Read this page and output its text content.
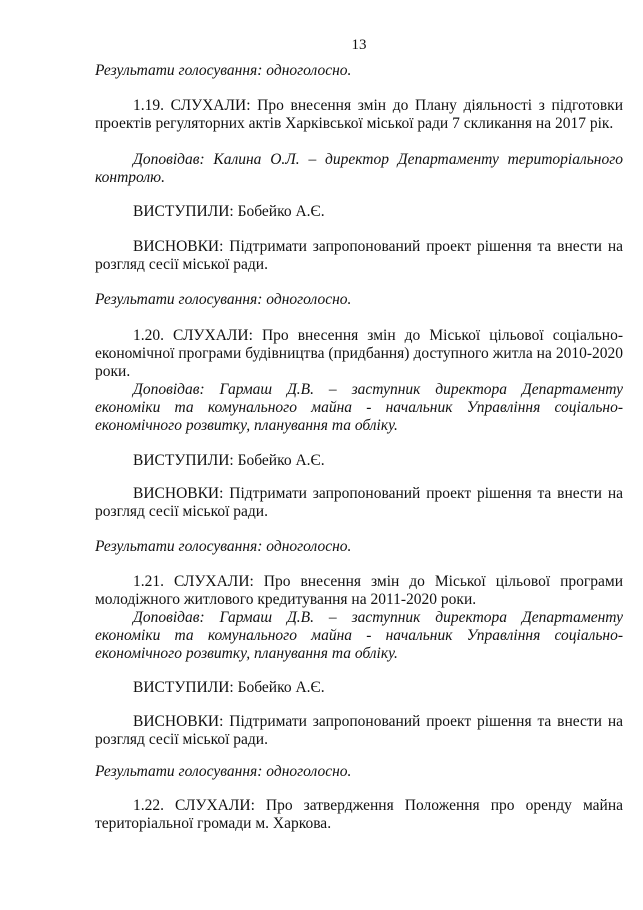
13

Результати голосування: одноголосно.

1.19. СЛУХАЛИ: Про внесення змін до Плану діяльності з підготовки проектів регуляторних актів Харківської міської ради 7 скликання на 2017 рік.

Доповідав: Калина О.Л. – директор Департаменту територіального контролю.

ВИСТУПИЛИ: Бобейко А.Є.

ВИСНОВКИ: Підтримати запропонований проект рішення та внести на розгляд сесії міської ради.

Результати голосування: одноголосно.

1.20. СЛУХАЛИ: Про внесення змін до Міської цільової соціально-економічної програми будівництва (придбання) доступного житла на 2010-2020 роки.

Доповідав: Гармаш Д.В. – заступник директора Департаменту економіки та комунального майна - начальник Управління соціально-економічного розвитку, планування та обліку.

ВИСТУПИЛИ: Бобейко А.Є.

ВИСНОВКИ: Підтримати запропонований проект рішення та внести на розгляд сесії міської ради.

Результати голосування: одноголосно.

1.21. СЛУХАЛИ: Про внесення змін до Міської цільової програми молодіжного житлового кредитування на 2011-2020 роки.

Доповідав: Гармаш Д.В. – заступник директора Департаменту економіки та комунального майна - начальник Управління соціально-економічного розвитку, планування та обліку.

ВИСТУПИЛИ: Бобейко А.Є.

ВИСНОВКИ: Підтримати запропонований проект рішення та внести на розгляд сесії міської ради.

Результати голосування: одноголосно.

1.22. СЛУХАЛИ: Про затвердження Положення про оренду майна територіальної громади м. Харкова.
